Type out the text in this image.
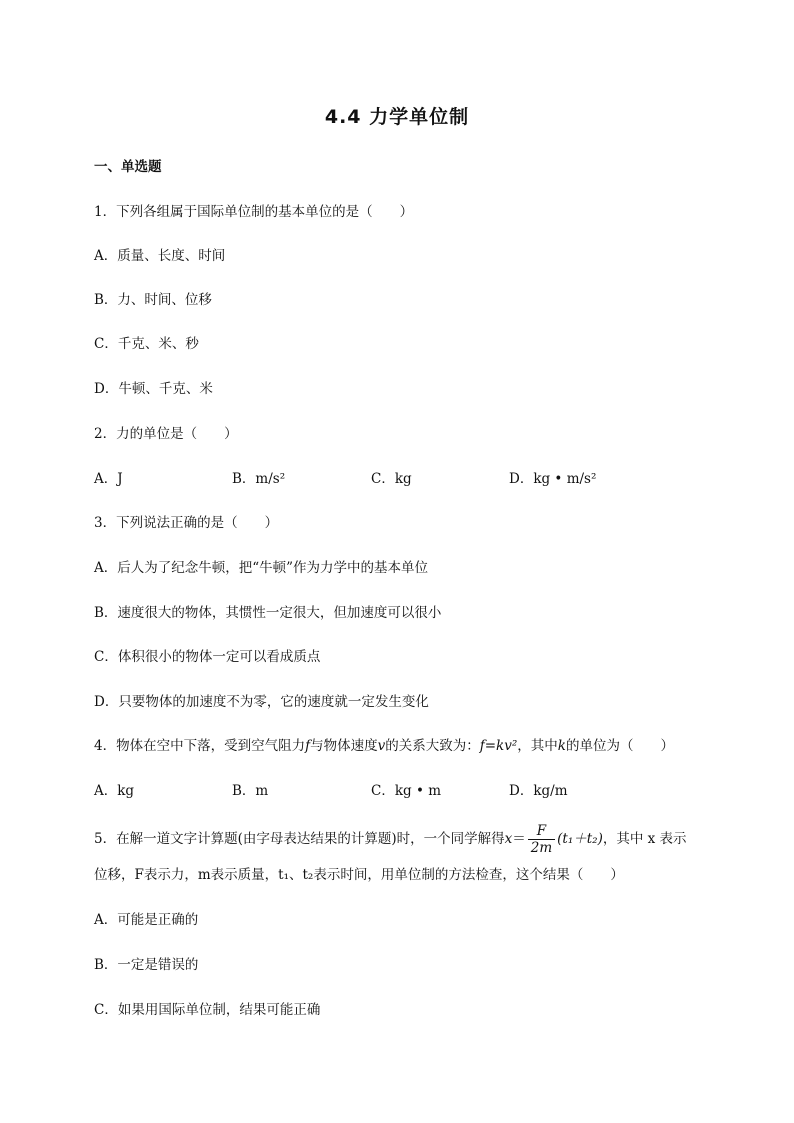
4.4 力学单位制
一、单选题
1．下列各组属于国际单位制的基本单位的是（　　）
A．质量、长度、时间
B．力、时间、位移
C．千克、米、秒
D．牛顿、千克、米
2．力的单位是（　　）
A．J	B．m/s²	C．kg	D．kg • m/s²
3．下列说法正确的是（　　）
A．后人为了纪念牛顿，把“牛顿”作为力学中的基本单位
B．速度很大的物体，其惯性一定很大，但加速度可以很小
C．体积很小的物体一定可以看成质点
D．只要物体的加速度不为零，它的速度就一定发生变化
4．物体在空中下落，受到空气阻力f与物体速度v的关系大致为：f=kv²，其中k的单位为（　　）
A．kg	B．m	C．kg • m	D．kg/m
5．在解一道文字计算题(由字母表达结果的计算题)时，一个同学解得$x= \frac{F}{2m} (t_1+t_2)$，其中 x 表示
位移，F表示力，m表示质量，t₁、t₂表示时间，用单位制的方法检查，这个结果（　　）
A．可能是正确的
B．一定是错误的
C．如果用国际单位制，结果可能正确
